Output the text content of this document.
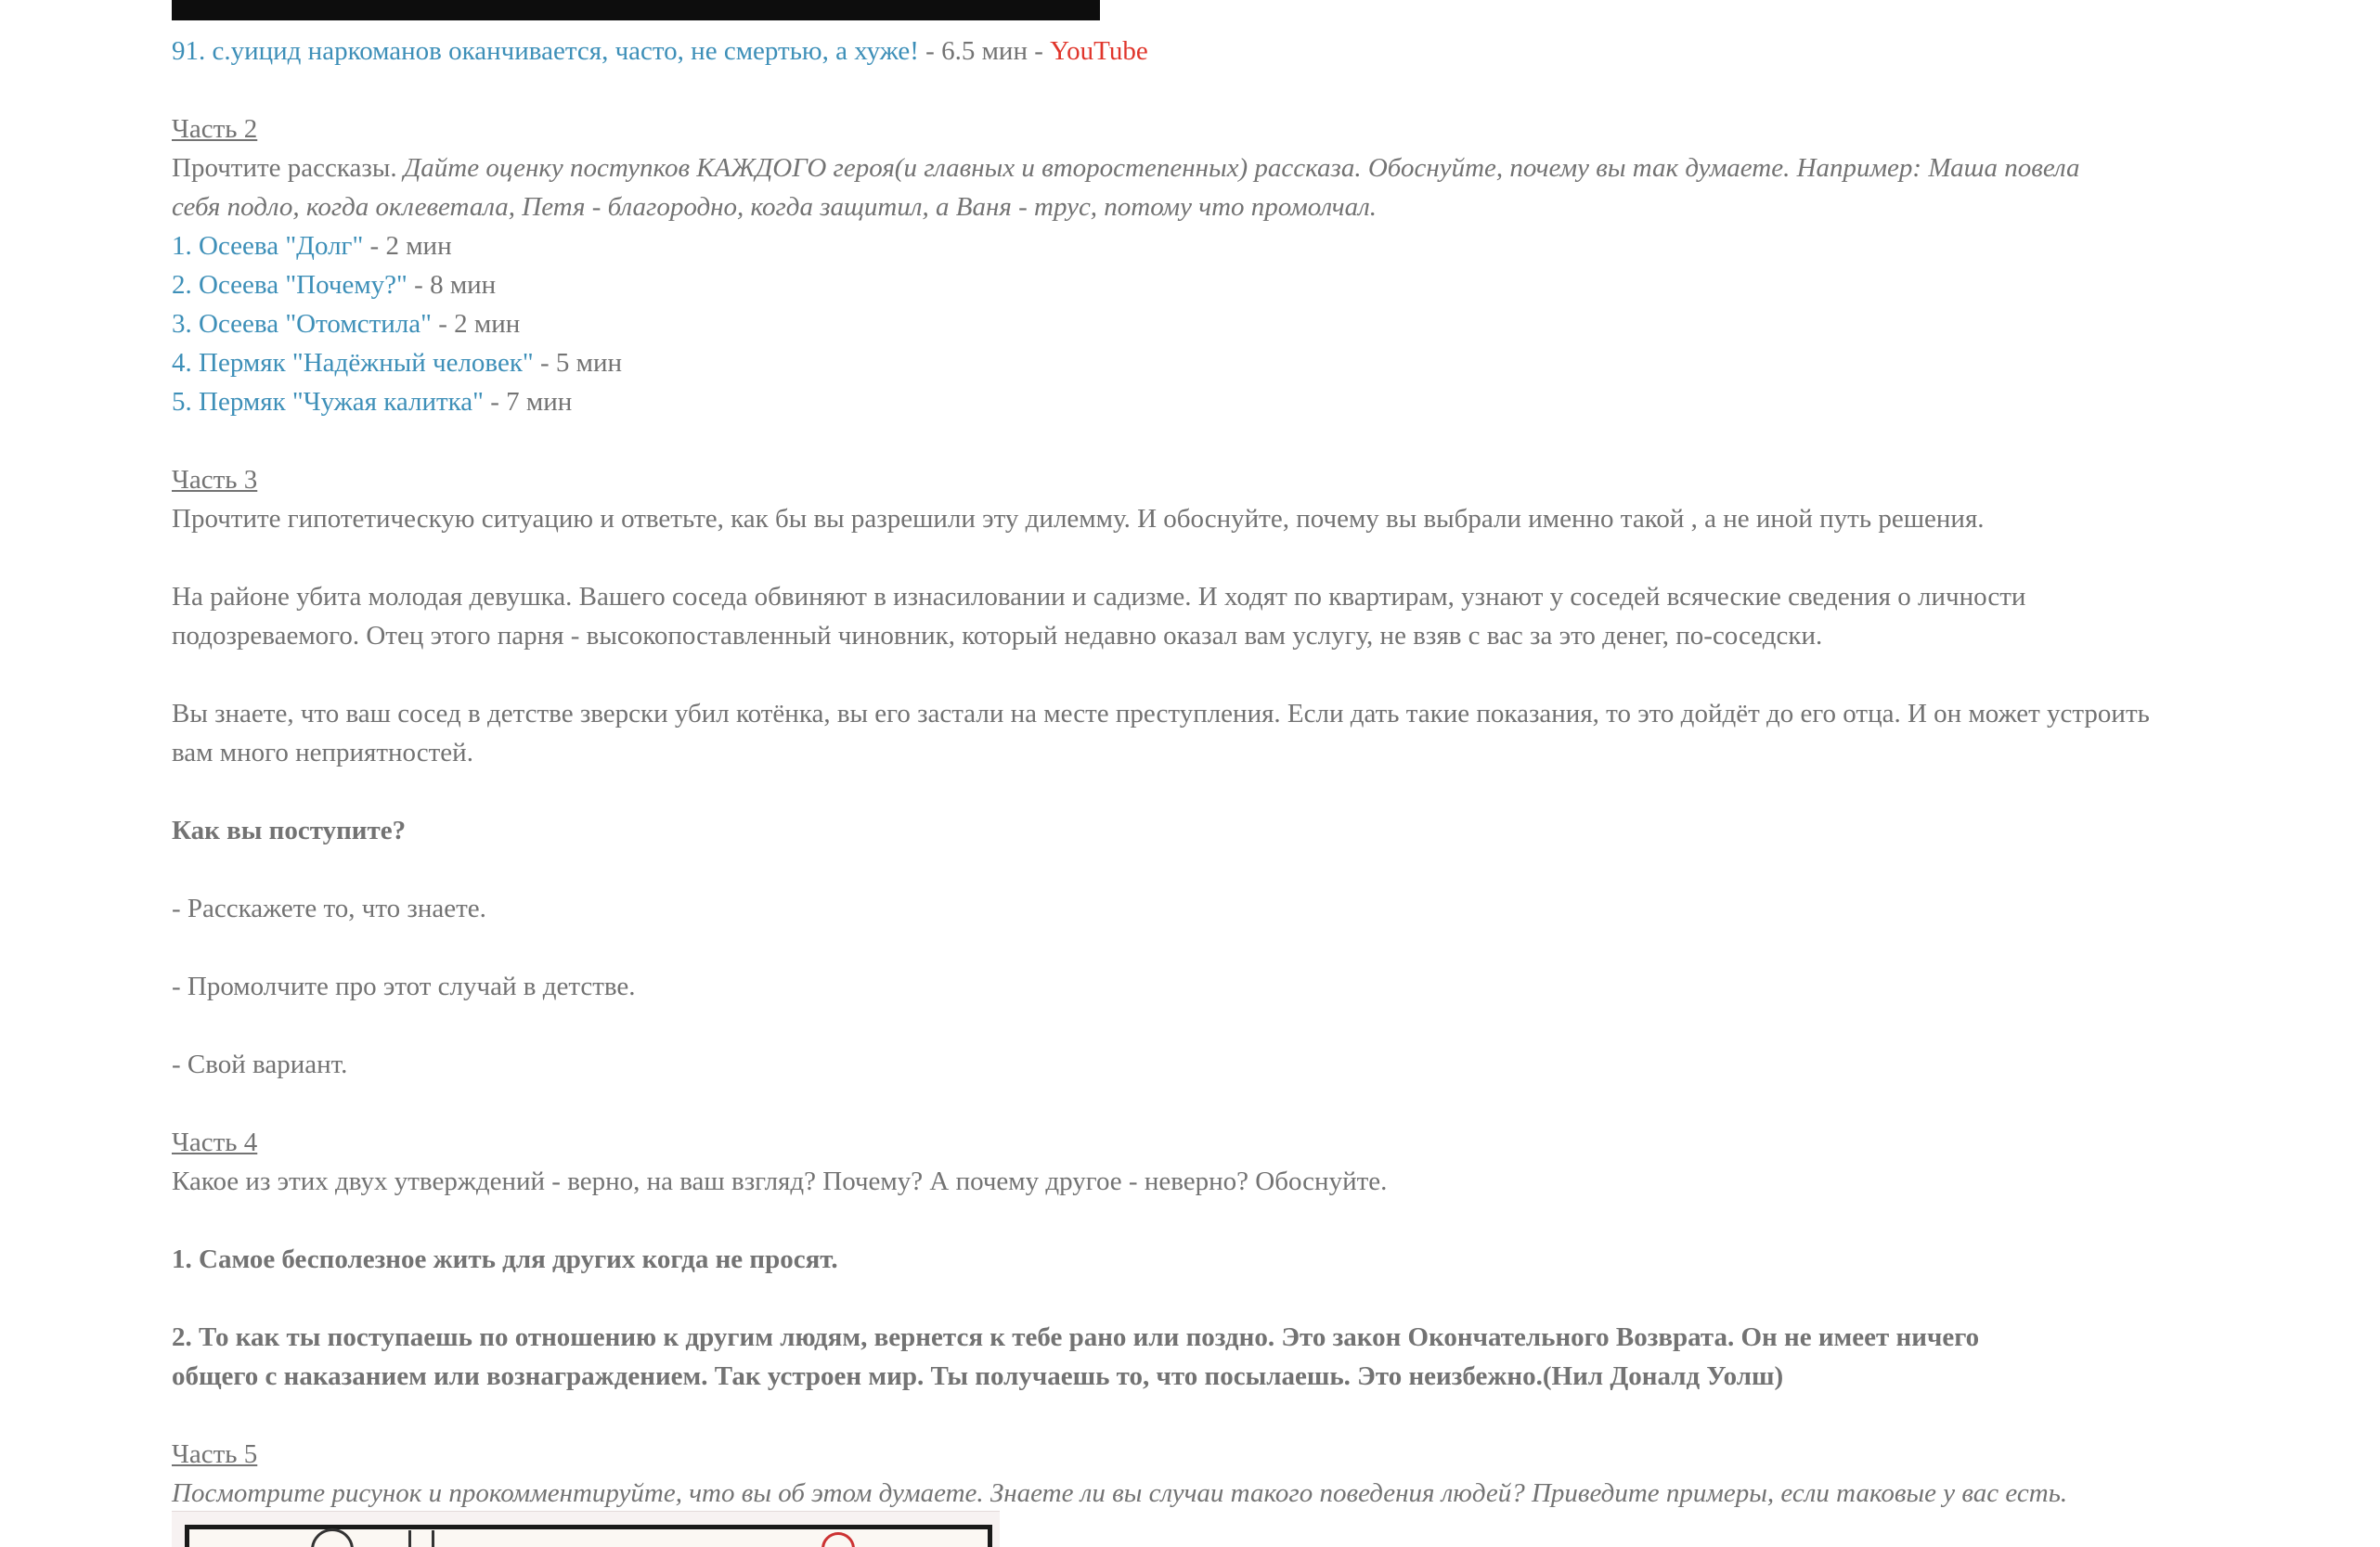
91. с.уицид наркоманов оканчивается, часто, не смертью, а хуже! - 6.5 мин - YouTube
Часть 2
Прочтите рассказы. Дайте оценку поступков КАЖДОГО героя(и главных и второстепенных) рассказа. Обоснуйте, почему вы так думаете. Например: Маша повела
себя подло, когда оклеветала, Петя - благородно, когда защитил, а Ваня - трус, потому что промолчал.
1. Осеева "Долг" - 2 мин
2. Осеева "Почему?" - 8 мин
3. Осеева "Отомстила" - 2 мин
4. Пермяк "Надёжный человек" - 5 мин
5. Пермяк "Чужая калитка" - 7 мин
Часть 3
Прочтите гипотетическую ситуацию и ответьте, как бы вы разрешили эту дилемму. И обоснуйте, почему вы выбрали именно такой , а не иной путь решения.
На районе убита молодая девушка. Вашего соседа обвиняют в изнасиловании и садизме. И ходят по квартирам, узнают у соседей всяческие сведения о личности
подозреваемого. Отец этого парня - высокопоставленный чиновник, который недавно оказал вам услугу, не взяв с вас за это денег, по-соседски.
Вы знаете, что ваш сосед в детстве зверски убил котёнка, вы его застали на месте преступления. Если дать такие показания, то это дойдёт до его отца. И он может устроить
вам много неприятностей.
Как вы поступите?
- Расскажете то, что знаете.
- Промолчите про этот случай в детстве.
- Свой вариант.
Часть 4
Какое из этих двух утверждений - верно, на ваш взгляд? Почему? А почему другое - неверно? Обоснуйте.
1. Самое бесполезное жить для других когда не просят.
2. То как ты поступаешь по отношению к другим людям, вернется к тебе рано или поздно. Это закон Окончательного Возврата. Он не имеет ничего
общего с наказанием или вознаграждением. Так устроен мир. Ты получаешь то, что посылаешь. Это неизбежно.(Нил Доналд Уолш)
Часть 5
Посмотрите рисунок и прокомментируйте, что вы об этом думаете. Знаете ли вы случаи такого поведения людей? Приведите примеры, если таковые у вас есть.
